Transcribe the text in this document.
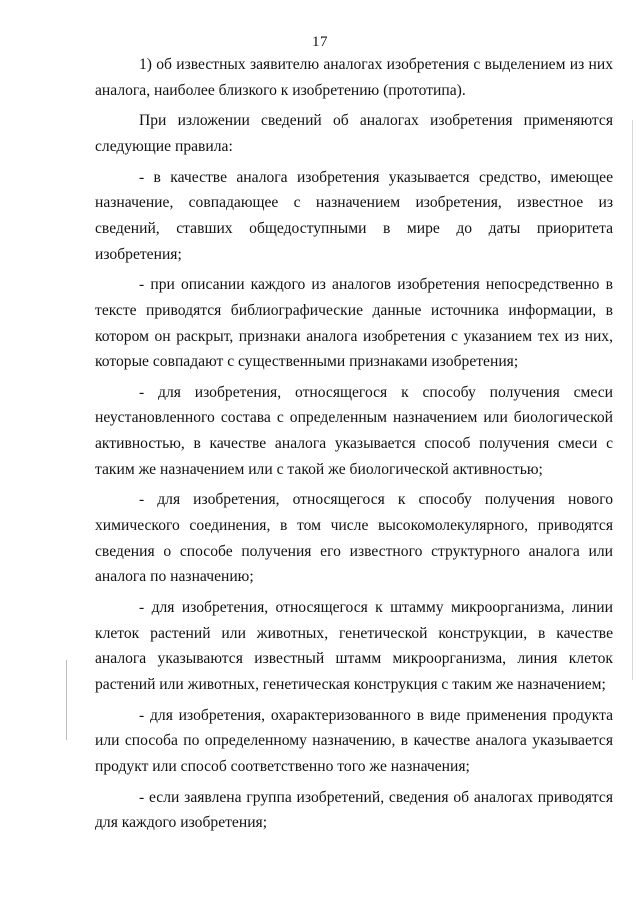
17

1) об известных заявителю аналогах изобретения с выделением из них аналога, наиболее близкого к изобретению (прототипа).

При изложении сведений об аналогах изобретения применяются следующие правила:

- в качестве аналога изобретения указывается средство, имеющее назначение, совпадающее с назначением изобретения, известное из сведений, ставших общедоступными в мире до даты приоритета изобретения;

- при описании каждого из аналогов изобретения непосредственно в тексте приводятся библиографические данные источника информации, в котором он раскрыт, признаки аналога изобретения с указанием тех из них, которые совпадают с существенными признаками изобретения;

- для изобретения, относящегося к способу получения смеси неустановленного состава с определенным назначением или биологической активностью, в качестве аналога указывается способ получения смеси с таким же назначением или с такой же биологической активностью;

- для изобретения, относящегося к способу получения нового химического соединения, в том числе высокомолекулярного, приводятся сведения о способе получения его известного структурного аналога или аналога по назначению;

- для изобретения, относящегося к штамму микроорганизма, линии клеток растений или животных, генетической конструкции, в качестве аналога указываются известный штамм микроорганизма, линия клеток растений или животных, генетическая конструкция с таким же назначением;

- для изобретения, охарактеризованного в виде применения продукта или способа по определенному назначению, в качестве аналога указывается продукт или способ соответственно того же назначения;

- если заявлена группа изобретений, сведения об аналогах приводятся для каждого изобретения;
